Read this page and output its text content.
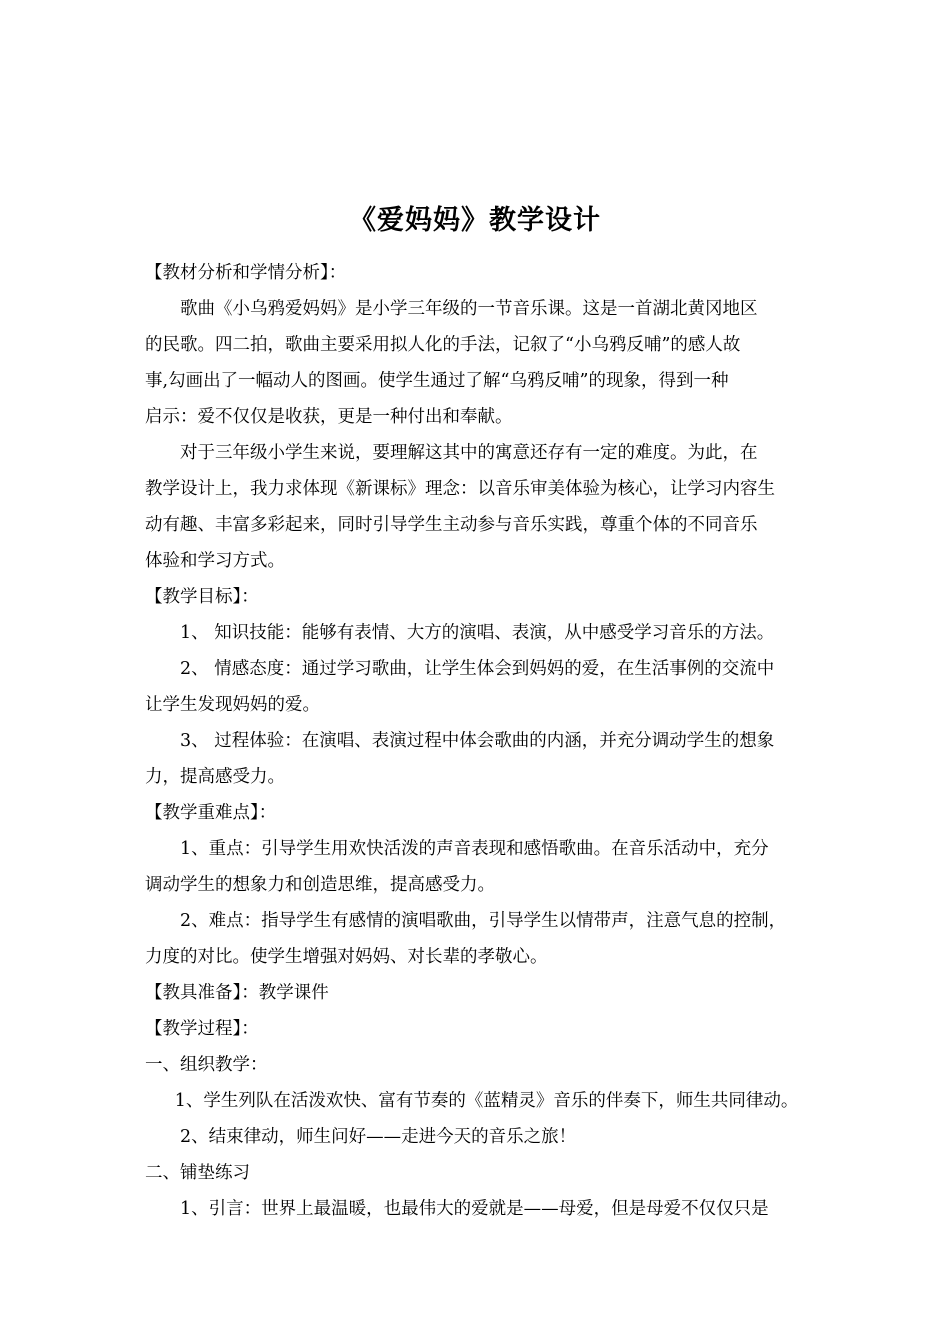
《爱妈妈》教学设计
【教材分析和学情分析】：
歌曲《小乌鸦爱妈妈》是小学三年级的一节音乐课。这是一首湖北黄冈地区
的民歌。四二拍，歌曲主要采用拟人化的手法，记叙了“小乌鸦反哺”的感人故
事,勾画出了一幅动人的图画。使学生通过了解“乌鸦反哺”的现象，得到一种
启示：爱不仅仅是收获，更是一种付出和奉献。
对于三年级小学生来说，要理解这其中的寓意还存有一定的难度。为此，在
教学设计上，我力求体现《新课标》理念：以音乐审美体验为核心，让学习内容生
动有趣、丰富多彩起来，同时引导学生主动参与音乐实践，尊重个体的不同音乐
体验和学习方式。
【教学目标】：
1、 知识技能：能够有表情、大方的演唱、表演，从中感受学习音乐的方法。
2、 情感态度：通过学习歌曲，让学生体会到妈妈的爱，在生活事例的交流中
让学生发现妈妈的爱。
3、 过程体验：在演唱、表演过程中体会歌曲的内涵，并充分调动学生的想象
力，提高感受力。
【教学重难点】：
1、重点：引导学生用欢快活泼的声音表现和感悟歌曲。在音乐活动中，充分
调动学生的想象力和创造思维，提高感受力。
2、难点：指导学生有感情的演唱歌曲，引导学生以情带声，注意气息的控制，
力度的对比。使学生增强对妈妈、对长辈的孝敬心。
【教具准备】：教学课件
【教学过程】：
一、组织教学：
1、学生列队在活泼欢快、富有节奏的《蓝精灵》音乐的伴奏下，师生共同律动。
2、结束律动，师生问好——走进今天的音乐之旅！
二、铺垫练习
1、引言：世界上最温暖，也最伟大的爱就是——母爱，但是母爱不仅仅只是
